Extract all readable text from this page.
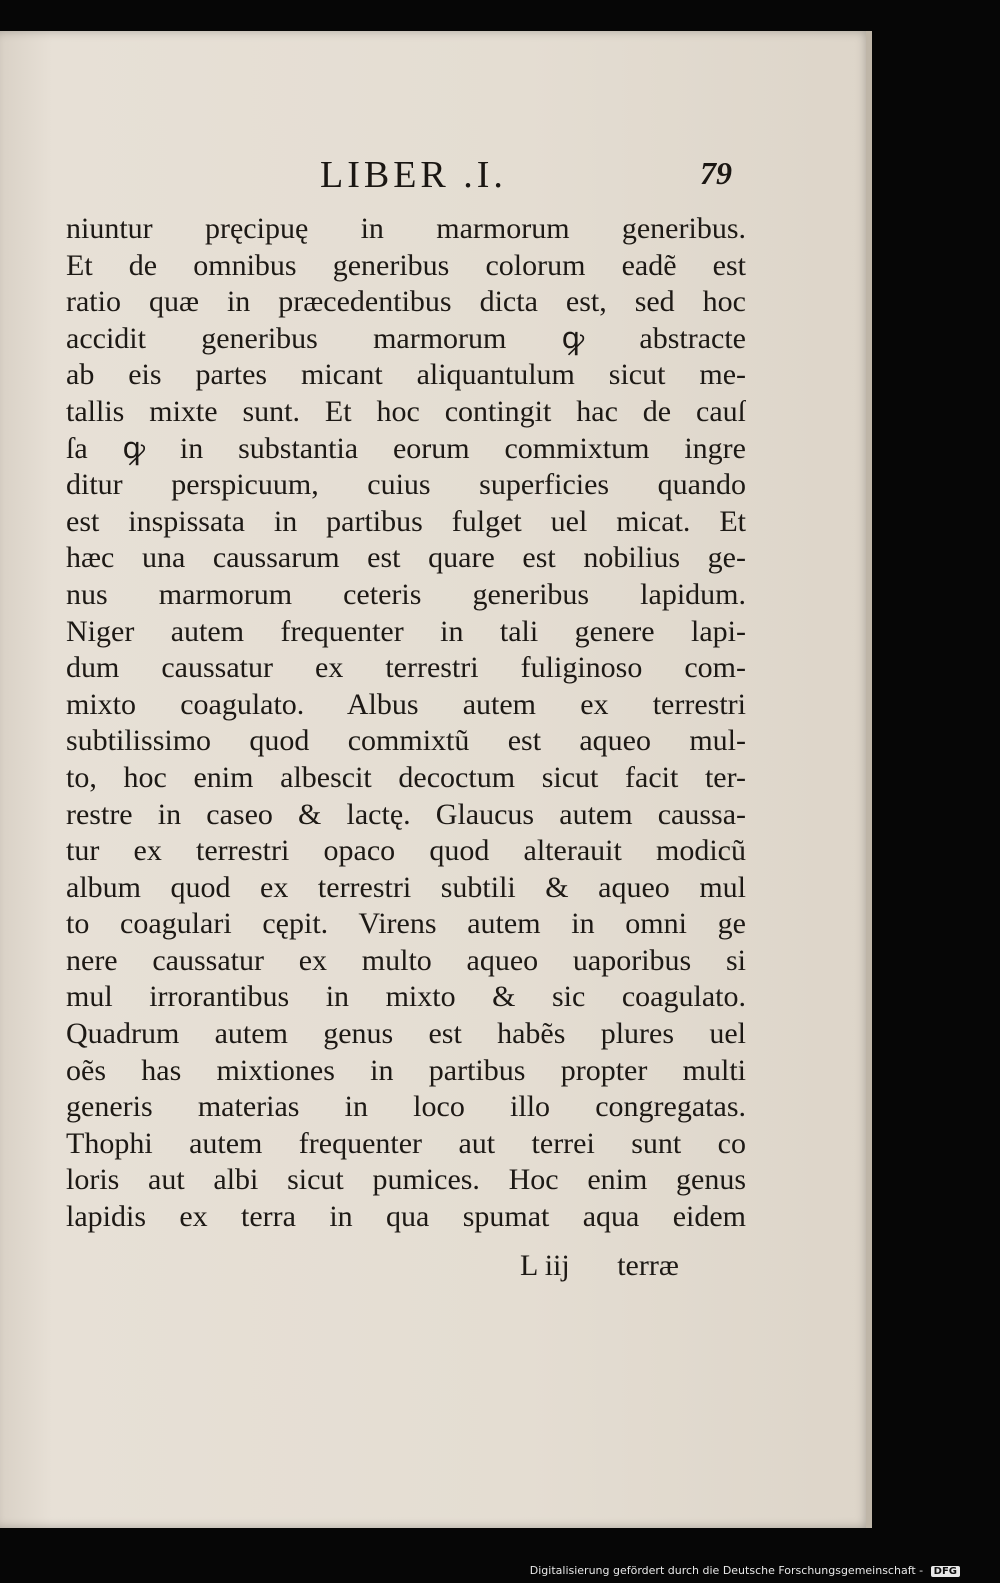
LIBER .I.	79
niuntur pręcipuę in marmorum generibus.
Et de omnibus generibus colorum eadẽ est
ratio quæ in præcedentibus dicta est, sed hoc
accidit generibus marmorum ꝙ abstracte
ab eis partes micant aliquantulum sicut me-
tallis mixte sunt. Et hoc contingit hac de cauſ
ſa ꝙ in substantia eorum commixtum ingre
ditur perspicuum, cuius superficies quando
est inspissata in partibus fulget uel micat. Et
hæc una caussarum est quare est nobilius ge-
nus marmorum ceteris generibus lapidum.
Niger autem frequenter in tali genere lapi-
dum caussatur ex terrestri fuliginoso com-
mixto coagulato. Albus autem ex terrestri
subtilissimo quod commixtũ est aqueo mul-
to, hoc enim albescit decoctum sicut facit ter-
restre in caseo & lactę. Glaucus autem caussa-
tur ex terrestri opaco quod alterauit modicũ
album quod ex terrestri subtili & aqueo mul
to coagulari cępit. Virens autem in omni ge
nere caussatur ex multo aqueo uaporibus si
mul irrorantibus in mixto & sic coagulato.
Quadrum autem genus est habẽs plures uel
oẽs has mixtiones in partibus propter multi
generis materias in loco illo congregatas.
Thophi autem frequenter aut terrei sunt co
loris aut albi sicut pumices. Hoc enim genus
lapidis ex terra in qua spumat aqua eidem
L iij terræ
Digitalisierung gefördert durch die Deutsche Forschungsgemeinschaft - DFG
